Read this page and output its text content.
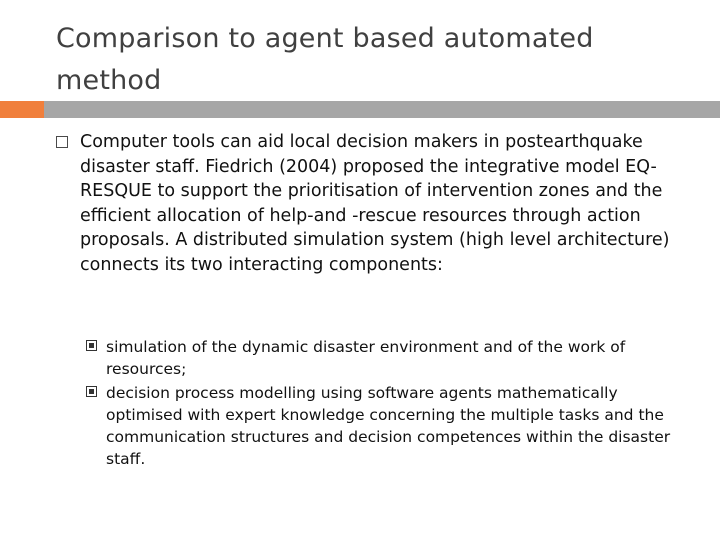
Comparison to agent based automated method
Computer tools can aid local decision makers in postearthquake disaster staff. Fiedrich (2004) proposed the integrative model EQ-RESQUE to support the prioritisation of intervention zones and the efficient allocation of help-and -rescue resources through action proposals. A distributed simulation system (high level architecture) connects its two interacting components:
simulation of the dynamic disaster environment and of the work of resources;
decision process modelling using software agents mathematically optimised with expert knowledge concerning the multiple tasks and the communication structures and decision competences within the disaster staff.
